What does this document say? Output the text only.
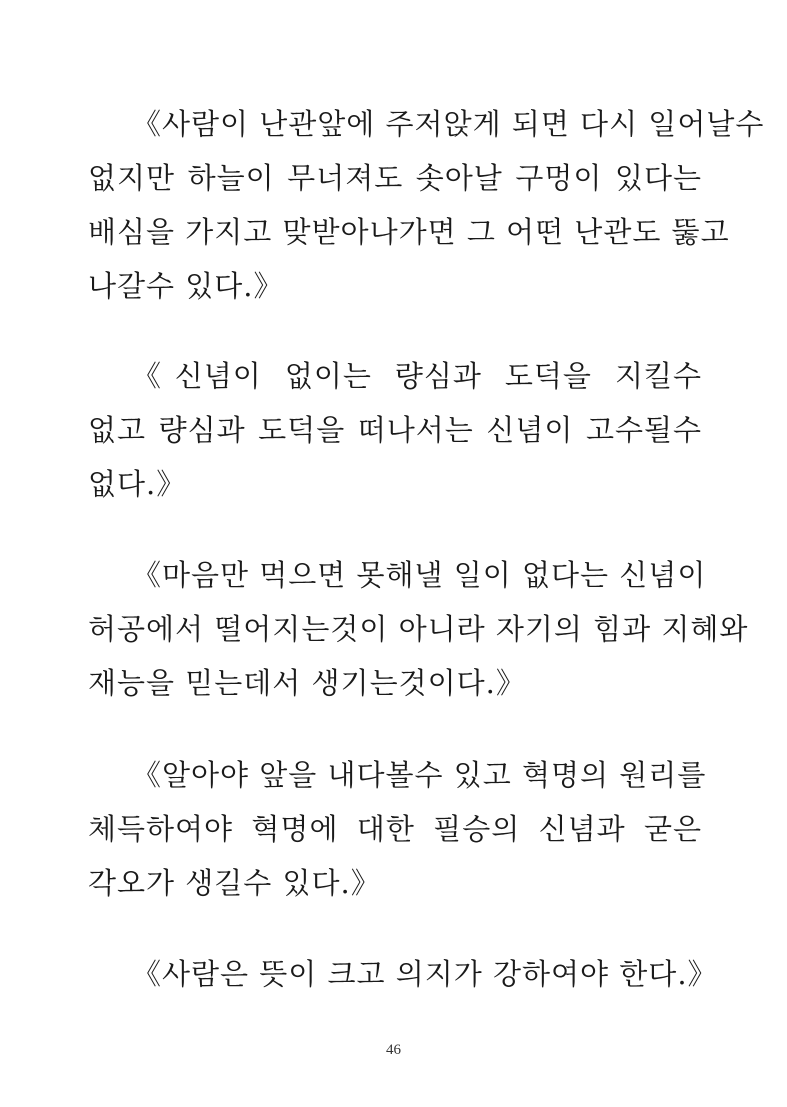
《사람이 난관앞에 주저앉게 되면 다시 일어날수
없지만 하늘이 무너져도 솟아날 구멍이 있다는
배심을 가지고 맞받아나가면 그 어떤 난관도 뚫고
나갈수 있다.》
《신념이 없이는 량심과 도덕을 지킬수
없고 량심과 도덕을 떠나서는 신념이 고수될수
없다.》
《마음만 먹으면 못해낼 일이 없다는 신념이
허공에서 떨어지는것이 아니라 자기의 힘과 지혜와
재능을 믿는데서 생기는것이다.》
《알아야 앞을 내다볼수 있고 혁명의 원리를
체득하여야 혁명에 대한 필승의 신념과 굳은
각오가 생길수 있다.》
《사람은 뜻이 크고 의지가 강하여야 한다.》
46
